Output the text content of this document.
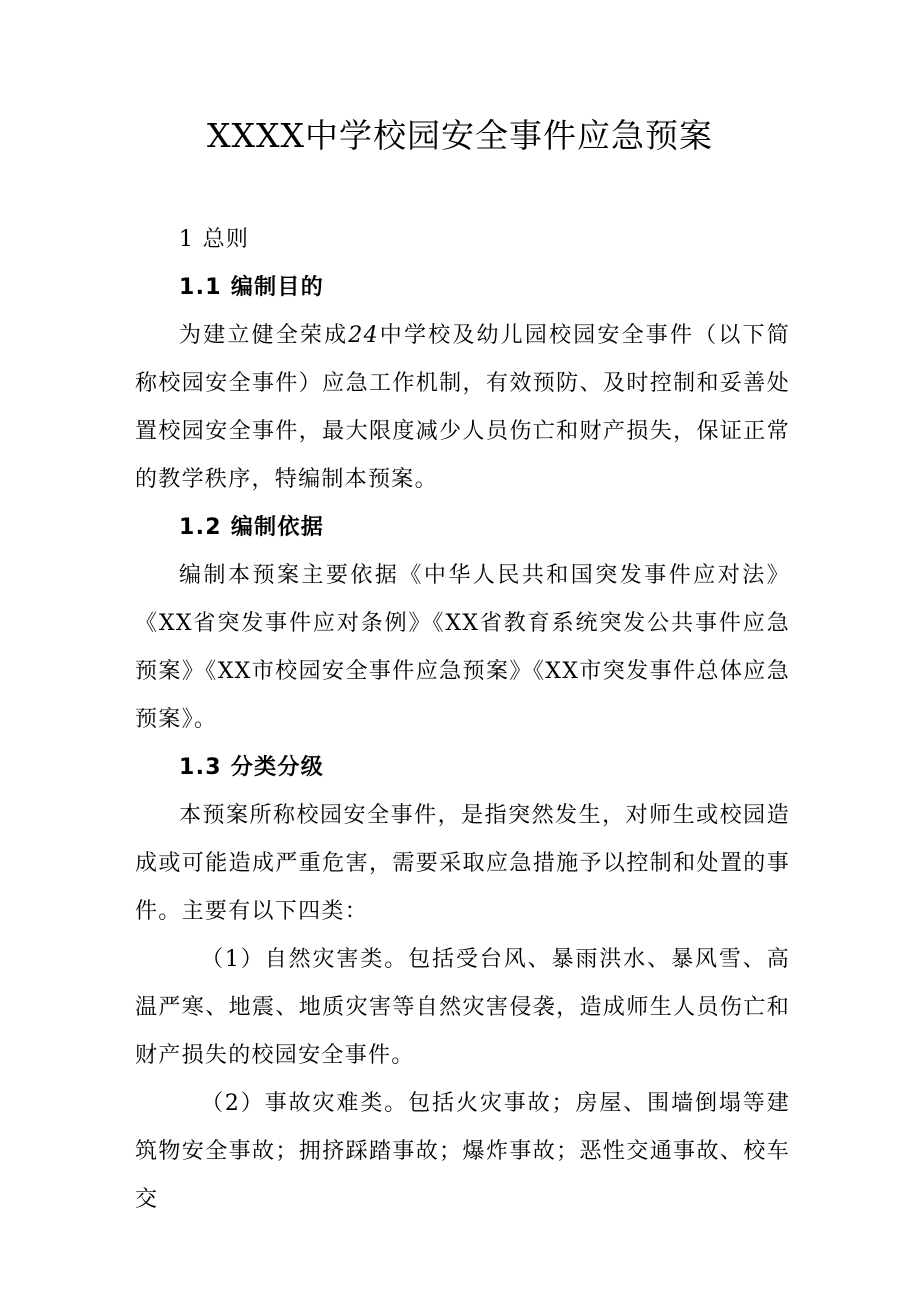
XXXX中学校园安全事件应急预案

1 总则

1.1 编制目的

为建立健全荣成24中学校及幼儿园校园安全事件（以下简称校园安全事件）应急工作机制，有效预防、及时控制和妥善处置校园安全事件，最大限度减少人员伤亡和财产损失，保证正常的教学秩序，特编制本预案。

1.2 编制依据

编制本预案主要依据《中华人民共和国突发事件应对法》《XX省突发事件应对条例》《XX省教育系统突发公共事件应急预案》《XX市校园安全事件应急预案》《XX市突发事件总体应急预案》。

1.3 分类分级

本预案所称校园安全事件，是指突然发生，对师生或校园造成或可能造成严重危害，需要采取应急措施予以控制和处置的事件。主要有以下四类：

（1）自然灾害类。包括受台风、暴雨洪水、暴风雪、高温严寒、地震、地质灾害等自然灾害侵袭，造成师生人员伤亡和财产损失的校园安全事件。

（2）事故灾难类。包括火灾事故；房屋、围墙倒塌等建筑物安全事故；拥挤踩踏事故；爆炸事故；恶性交通事故、校车交
